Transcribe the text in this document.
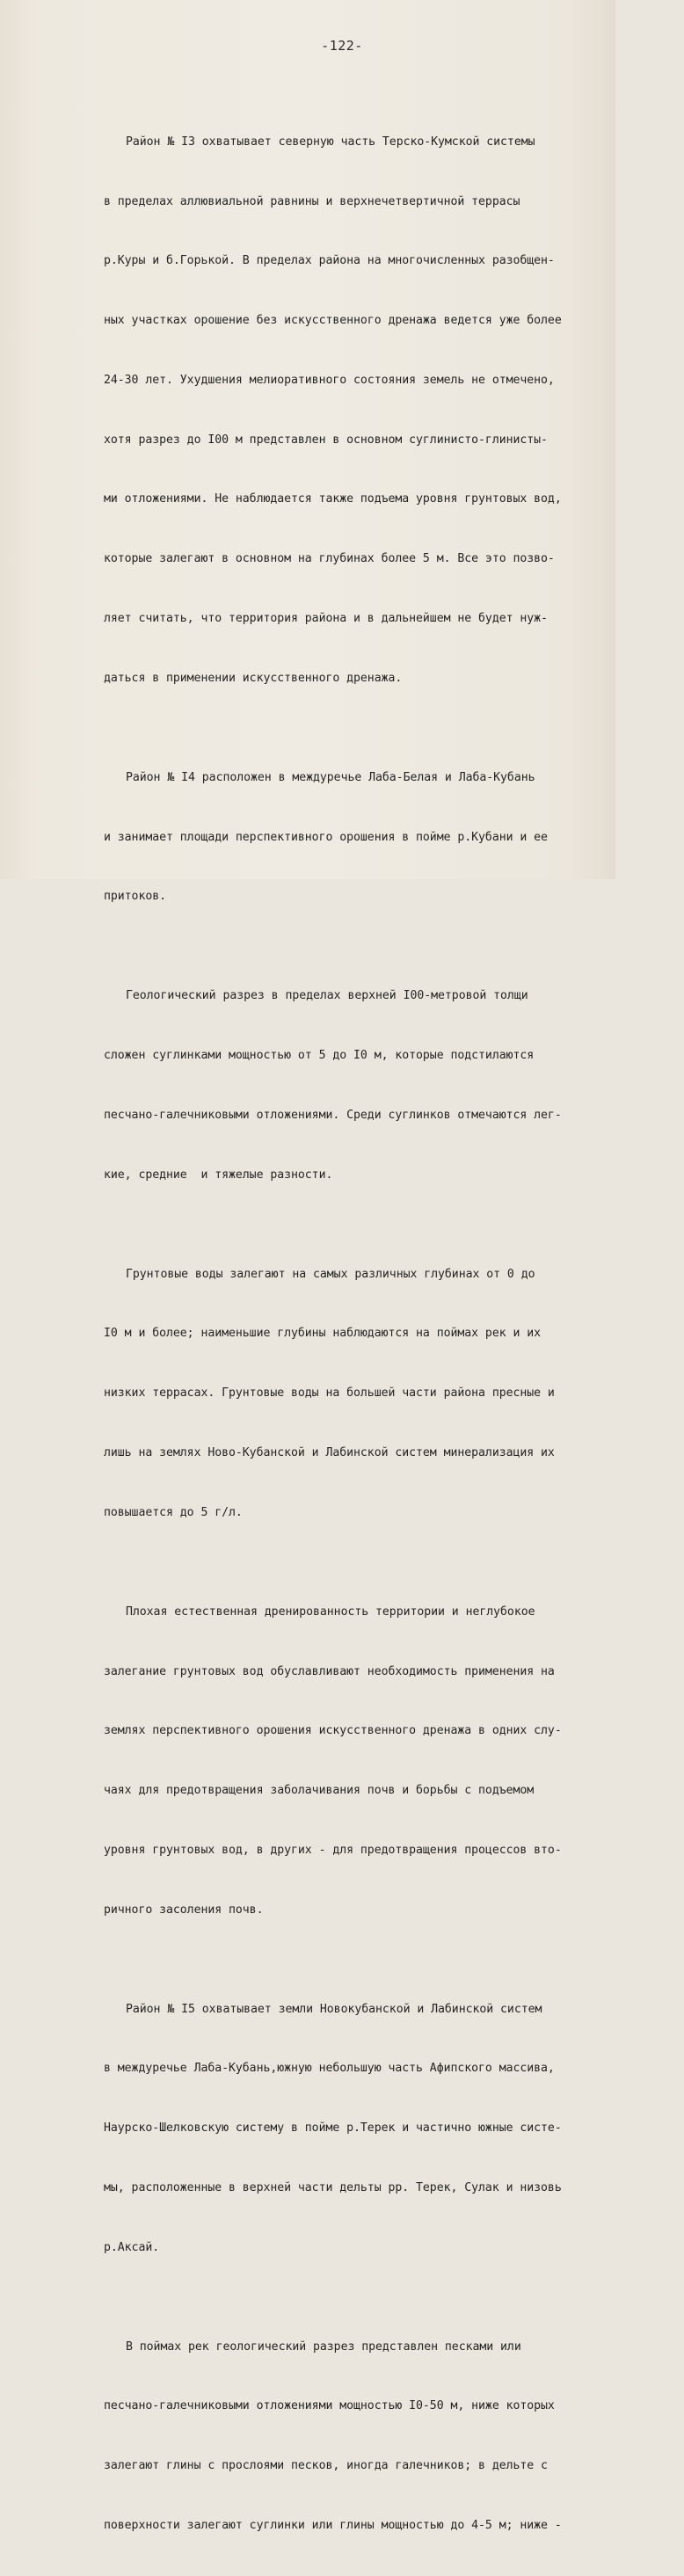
-122-

Район № I3 охватывает северную часть Терско-Кумской системы

в пределах аллювиальной равнины и верхнечетвертичной террасы

р.Куры и б.Горькой. В пределах района на многочисленных разобщен-

ных участках орошение без искусственного дренажа ведется уже более

24-30 лет. Ухудшения мелиоративного состояния земель не отмечено,

хотя разрез до I00 м представлен в основном суглинисто-глинисты-

ми отложениями. Не наблюдается также подъема уровня грунтовых вод,

которые залегают в основном на глубинах более 5 м. Все это позво-

ляет считать, что территория района и в дальнейшем не будет нуж-

даться в применении искусственного дренажа.

Район № I4 расположен в междуречье Лаба-Белая и Лаба-Кубань

и занимает площади перспективного орошения в пойме р.Кубани и ее

притоков.

Геологический разрез в пределах верхней I00-метровой толщи

сложен суглинками мощностью от 5 до I0 м, которые подстилаются

песчано-галечниковыми отложениями. Среди суглинков отмечаются лег-

кие, средние  и тяжелые разности.

Грунтовые воды залегают на самых различных глубинах от 0 до

I0 м и более; наименьшие глубины наблюдаются на поймах рек и их

низких террасах. Грунтовые воды на большей части района пресные и

лишь на землях Ново-Кубанской и Лабинской систем минерализация их

повышается до 5 г/л.

Плохая естественная дренированность территории и неглубокое

залегание грунтовых вод обуславливают необходимость применения на

землях перспективного орошения искусственного дренажа в одних слу-

чаях для предотвращения заболачивания почв и борьбы с подъемом

уровня грунтовых вод, в других - для предотвращения процессов вто-

ричного засоления почв.

Район № I5 охватывает земли Новокубанской и Лабинской систем

в междуречье Лаба-Кубань,южную небольшую часть Афипского массива,

Наурско-Шелковскую систему в пойме р.Терек и частично южные систе-

мы, расположенные в верхней части дельты рр. Терек, Сулак и низовь

р.Аксай.

В поймах рек геологический разрез представлен песками или

песчано-галечниковыми отложениями мощностью I0-50 м, ниже которых

залегают глины с прослоями песков, иногда галечников; в дельте с

поверхности залегают суглинки или глины мощностью до 4-5 м; ниже -
